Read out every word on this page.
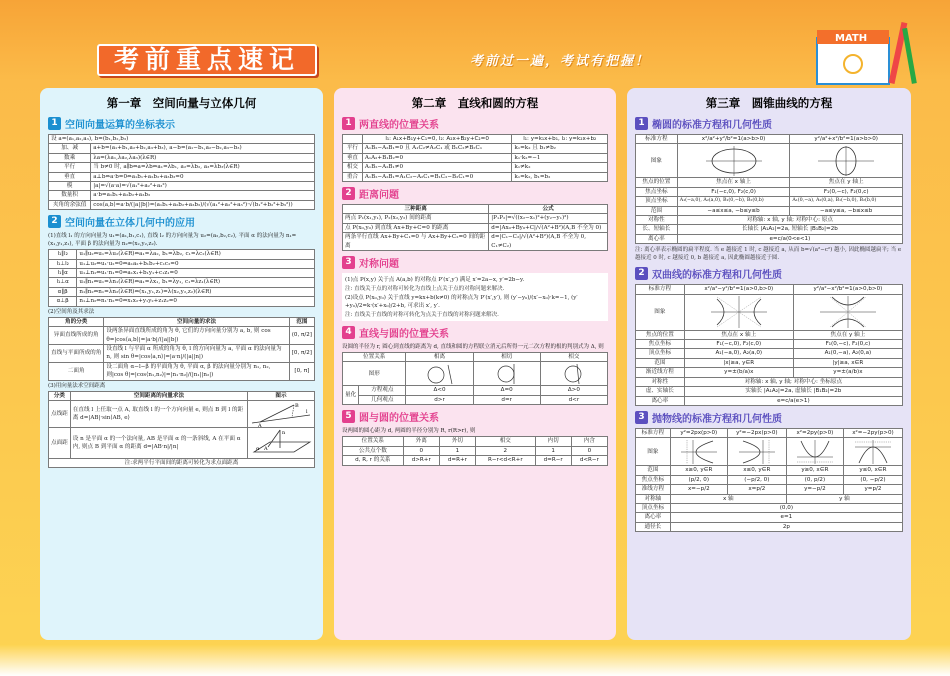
考前重点速记	考前过一遍，考试有把握！
MATH
第一章　空间向量与立体几何
1 空间向量运算的坐标表示
设 a=(a₁,a₂,a₃), b=(b₁,b₂,b₃)	
加、减	a+b=(a₁+b₁,a₂+b₂,a₃+b₃), a−b=(a₁−b₁,a₂−b₂,a₃−b₃)
数乘	λa=(λa₁,λa₂,λa₃)(λ∈R)
平行	当 b≠0 时, a∥b⇔a=λb⇔a₁=λb₁, a₂=λb₂, a₃=λb₃(λ∈R)
垂直	a⊥b⇔a·b=0⇔a₁b₁+a₂b₂+a₃b₃=0
模	|a|=√(a·a)=√(a₁²+a₂²+a₃²)
数量积	a·b=a₁b₁+a₂b₂+a₃b₃
夹角的余弦值	cos⟨a,b⟩=a·b/(|a||b|)=(a₁b₁+a₂b₂+a₃b₃)/(√(a₁²+a₂²+a₃²)·√(b₁²+b₂²+b₃²))
2 空间向量在立体几何中的应用
(1)直线 l₁ 的方向向量为 u₁=(a₁,b₁,c₁), 直线 l₂ 的方向向量为 u₂=(a₂,b₂,c₂), 平面 α 的法向量为 n₁=(x₁,y₁,z₁), 平面 β 的法向量为 n₂=(x₂,y₂,z₂).
l₁∥l₂	u₁∥u₂⇔u₁=λu₂(λ∈R)⇔a₁=λa₂, b₁=λb₂, c₁=λc₂(λ∈R)
l₁⊥l₂	u₁⊥u₂⇔u₁·u₂=0⇔a₁a₂+b₁b₂+c₁c₂=0
l₁∥α	u₁⊥n₁⇔u₁·n₁=0⇔a₁x₁+b₁y₁+c₁z₁=0
l₁⊥α	u₁∥n₁⇔u₁=λn₁(λ∈R)⇔a₁=λx₁, b₁=λy₁, c₁=λz₁(λ∈R)
α∥β	n₁∥n₂⇔n₁=λn₂(λ∈R)⇔(x₁,y₁,z₁)=λ(x₂,y₂,z₂)(λ∈R)
α⊥β	n₁⊥n₂⇔n₁·n₂=0⇔x₁x₂+y₁y₂+z₁z₂=0
(2)空间角及其求法
角的分类	空间向量的求法	范围
异面直线所成的角	设两条异面直线所成的角为 θ, 它们的方向向量分别为 a, b, 则 cos θ=|cos⟨a,b⟩|=|a·b|/(|a||b|)	(0, π/2]
直线与平面所成的角	设直线 l 与平面 α 所成的角为 θ, l 的方向向量为 a, 平面 α 的法向量为 n, 则 sin θ=|cos⟨a,n⟩|=|a·n|/(|a||n|)	[0, π/2]
二面角	设二面角 α−l−β 的平面角为 θ, 平面 α, β 的法向量分别为 n₁, n₂, 则|cos θ|=|cos⟨n₁,n₂⟩|=|n₁·n₂|/(|n₁||n₂|)	[0, π]
(3)用向量法求空间距离
分类	空间距离的向量求法	图示
点线距	在直线 l 上任取一点 A, 取直线 l 的一个方向向量 e, 则点 B 到 l 的距离 d=|AB|·sin⟨AB, e⟩	B
A
l

点面距	设 n 是平面 α 的一个法向量, AB 是平面 α 的一条斜线, A 在平面 α 内, 则点 B 到平面 α 的距离 d=|AB·n|/|n|	n
A
α

注:求两平行平面间的距离可转化为求点面距离		
第二章　直线和圆的方程
1 两直线的位置关系
	l₁: A₁x+B₁y+C₁=0, l₂: A₂x+B₂y+C₂=0	l₁: y=k₁x+b₁, l₂: y=k₂x+b₂
平行	A₁B₂−A₂B₁=0 且 A₁C₂≠A₂C₁ 或 B₁C₂≠B₂C₁	k₁=k₂ 且 b₁≠b₂
垂直	A₁A₂+B₁B₂=0	k₁·k₂=−1
相交	A₁B₂−A₂B₁≠0	k₁≠k₂
重合	A₁B₂−A₂B₁=A₁C₂−A₂C₁=B₁C₂−B₂C₁=0	k₁=k₂, b₁=b₂
2 距离问题
三种距离	公式
两点 P₁(x₁,y₁), P₂(x₂,y₂) 间的距离	|P₁P₂|=√((x₂−x₁)²+(y₂−y₁)²)
点 P(x₀,y₀) 到直线 Ax+By+C=0 的距离	d=|Ax₀+By₀+C|/√(A²+B²)(A,B 不全为 0)
两条平行直线 Ax+By+C₁=0 与 Ax+By+C₂=0 间的距离	d=|C₁−C₂|/√(A²+B²)(A,B 不全为 0, C₁≠C₂)
3 对称问题
(1)点 P(x,y) 关于点 A(a,b) 的对称点 P′(x′,y′) 满足 x′=2a−x, y′=2b−y.
注: 直线关于点的对称可转化为直线上点关于点的对称问题来解决.
(2)设点 P(x₀,y₀) 关于直线 y=kx+b(k≠0) 的对称点为 P′(x′,y′), 则 (y′−y₀)/(x′−x₀)·k=−1, (y′+y₀)/2=k·(x′+x₀)/2+b, 可求出 x′, y′.
注: 直线关于直线的对称可转化为点关于直线的对称问题来解决.
4 直线与圆的位置关系
设圆的半径为 r, 圆心到直线的距离为 d, 直线和圆的方程联立消元后所得一元二次方程的根的判别式为 Δ, 则
位置关系		相离	相切	相交
图形	

量化	方程观点	Δ<0	Δ=0	Δ>0
	几何观点	d>r	d=r	d<r
5 圆与圆的位置关系
设两圆的圆心距为 d, 两圆的半径分别为 R, r(R>r), 则
位置关系	外离	外切	相交	内切	内含
公共点个数	0	1	2	1	0
d, R, r 的关系	d>R+r	d=R+r	R−r<d<R+r	d=R−r	d<R−r
第三章　圆锥曲线的方程
1 椭圆的标准方程和几何性质
标准方程	x²/a²+y²/b²=1(a>b>0)	y²/a²+x²/b²=1(a>b>0)
图象	

焦点的位置	焦点在 x 轴上	焦点在 y 轴上
焦点坐标	F₁(−c,0), F₂(c,0)	F₁(0,−c), F₂(0,c)
顶点坐标	A₁(−a,0), A₂(a,0), B₁(0,−b), B₂(0,b)	A₁(0,−a), A₂(0,a), B₁(−b,0), B₂(b,0)
范围	−a≤x≤a, −b≤y≤b	−a≤y≤a, −b≤x≤b
对称性	对称轴: x 轴, y 轴; 对称中心: 原点	
长、短轴长	长轴长 |A₁A₂|=2a, 短轴长 |B₁B₂|=2b	
离心率	e=c/a(0<e<1)	
注: 离心率表示椭圆的扁平程度. 当 e 越接近 1 时, c 越接近 a, 从而 b=√(a²−c²) 越小, 因此椭圆越扁平; 当 e 越接近 0 时, c 越接近 0, b 越接近 a, 因此椭圆越接近于圆.
2 双曲线的标准方程和几何性质
标准方程	x²/a²−y²/b²=1(a>0,b>0)	y²/a²−x²/b²=1(a>0,b>0)
图象	

焦点的位置	焦点在 x 轴上	焦点在 y 轴上
焦点坐标	F₁(−c,0), F₂(c,0)	F₁(0,−c), F₂(0,c)
顶点坐标	A₁(−a,0), A₂(a,0)	A₁(0,−a), A₂(0,a)
范围	|x|≥a, y∈R	|y|≥a, x∈R
渐近线方程	y=±(b/a)x	y=±(a/b)x
对称性	对称轴: x 轴, y 轴; 对称中心: 坐标原点	
虚、实轴长	实轴长 |A₁A₂|=2a, 虚轴长 |B₁B₂|=2b	
离心率	e=c/a(e>1)	
3 抛物线的标准方程和几何性质
标准方程	y²=2px(p>0)	y²=−2px(p>0)	x²=2py(p>0)	x²=−2py(p>0)
图象	

范围	x≥0, y∈R	x≤0, y∈R	y≥0, x∈R	y≤0, x∈R
焦点坐标	(p/2, 0)	(−p/2, 0)	(0, p/2)	(0, −p/2)
准线方程	x=−p/2	x=p/2	y=−p/2	y=p/2
对称轴	x 轴		y 轴	
顶点坐标	(0,0)			
离心率	e=1			
通径长	2p			
